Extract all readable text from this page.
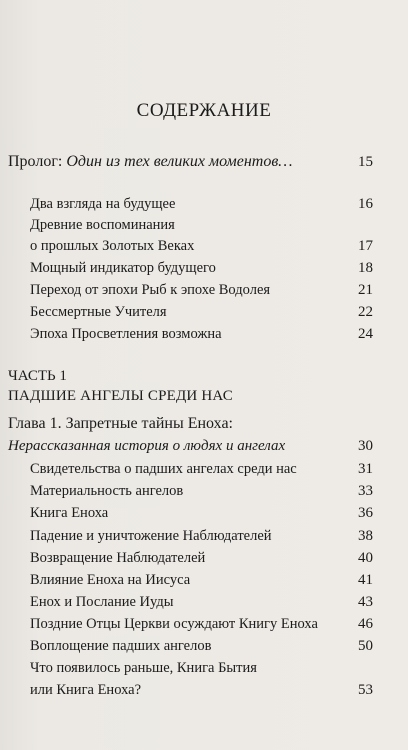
СОДЕРЖАНИЕ
Пролог: Один из тех великих моментов…	15
Два взгляда на будущее	16
Древние воспоминания
о прошлых Золотых Веках	17
Мощный индикатор будущего	18
Переход от эпохи Рыб к эпохе Водолея	21
Бессмертные Учителя	22
Эпоха Просветления возможна	24
ЧАСТЬ 1
ПАДШИЕ АНГЕЛЫ СРЕДИ НАС
Глава 1. Запретные тайны Еноха:
Нерассказанная история о людях и ангелах	30
Свидетельства о падших ангелах среди нас	31
Материальность ангелов	33
Книга Еноха	36
Падение и уничтожение Наблюдателей	38
Возвращение Наблюдателей	40
Влияние Еноха на Иисуса	41
Енох и Послание Иуды	43
Поздние Отцы Церкви осуждают Книгу Еноха	46
Воплощение падших ангелов	50
Что появилось раньше, Книга Бытия
или Книга Еноха?	53
